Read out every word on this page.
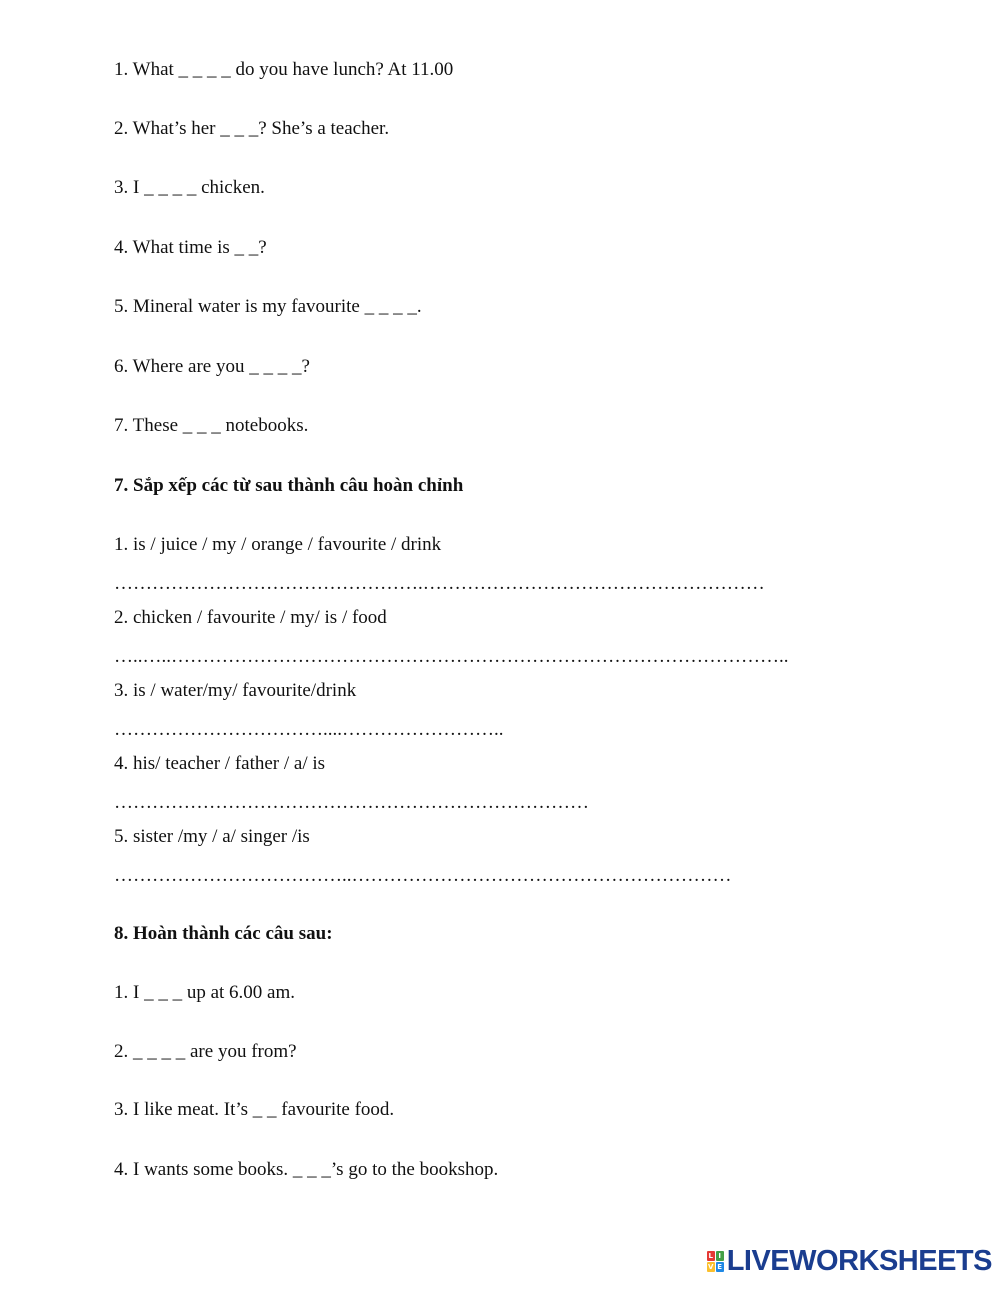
1. What _ _ _ _ do you have lunch? At 11.00
2. What’s her _ _ _? She’s a teacher.
3. I _ _ _ _ chicken.
4. What time is _ _?
5. Mineral water is my favourite _ _ _ _.
6. Where are you _ _ _ _?
7. These _ _ _ notebooks.
7. Sắp xếp các từ sau thành câu hoàn chỉnh
1. is / juice / my / orange / favourite / drink
………………………………………….………………………………………………
2. chicken / favourite / my/ is / food
…..…..……………………………………………………………………………………..
3. is / water/my/ favourite/drink
……………………………....……………………..
4. his/ teacher / father / a/ is
…………………………………………………………………
5. sister /my / a/ singer /is
………………………………..……………………………………………………
8. Hoàn thành các câu sau:
1. I _ _ _ up at 6.00 am.
2. _ _ _ _ are you from?
3. I like meat. It’s _ _ favourite food.
4. I wants some books. _ _ _’s go to the bookshop.
L I
V E LIVEWORKSHEETS
